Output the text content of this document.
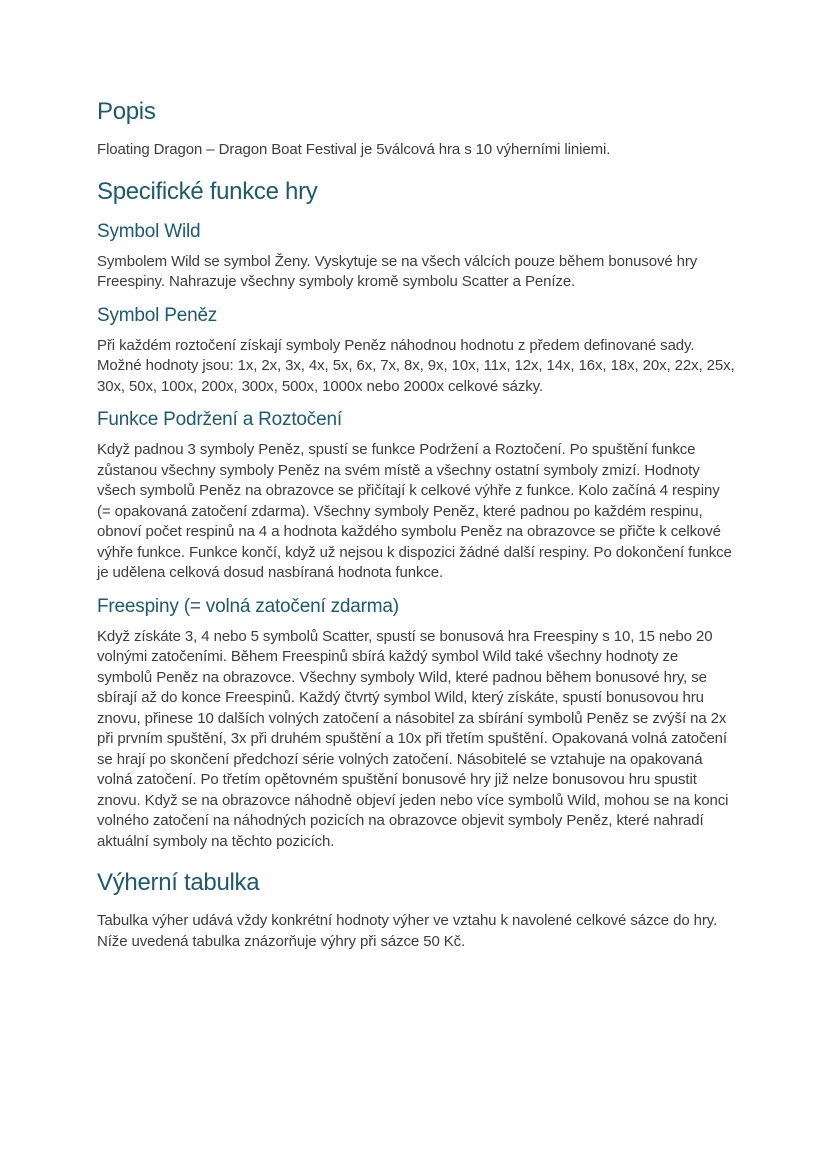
Popis

Floating Dragon – Dragon Boat Festival je 5válcová hra s 10 výherními liniemi.

Specifické funkce hry
Symbol Wild

Symbolem Wild se symbol Ženy. Vyskytuje se na všech válcích pouze během bonusové hry Freespiny. Nahrazuje všechny symboly kromě symbolu Scatter a Peníze.

Symbol Peněz

Při každém roztočení získají symboly Peněz náhodnou hodnotu z předem definované sady. Možné hodnoty jsou: 1x, 2x, 3x, 4x, 5x, 6x, 7x, 8x, 9x, 10x, 11x, 12x, 14x, 16x, 18x, 20x, 22x, 25x, 30x, 50x, 100x, 200x, 300x, 500x, 1000x nebo 2000x celkové sázky.

Funkce Podržení a Roztočení

Když padnou 3 symboly Peněz, spustí se funkce Podržení a Roztočení. Po spuštění funkce zůstanou všechny symboly Peněz na svém místě a všechny ostatní symboly zmizí. Hodnoty všech symbolů Peněz na obrazovce se přičítají k celkové výhře z funkce. Kolo začíná 4 respiny (= opakovaná zatočení zdarma). Všechny symboly Peněz, které padnou po každém respinu, obnoví počet respinů na 4 a hodnota každého symbolu Peněz na obrazovce se přičte k celkové výhře funkce. Funkce končí, když už nejsou k dispozici žádné další respiny. Po dokončení funkce je udělena celková dosud nasbíraná hodnota funkce.

Freespiny (= volná zatočení zdarma)

Když získáte 3, 4 nebo 5 symbolů Scatter, spustí se bonusová hra Freespiny s 10, 15 nebo 20 volnými zatočeními. Během Freespinů sbírá každý symbol Wild také všechny hodnoty ze symbolů Peněz na obrazovce. Všechny symboly Wild, které padnou během bonusové hry, se sbírají až do konce Freespinů. Každý čtvrtý symbol Wild, který získáte, spustí bonusovou hru znovu, přinese 10 dalších volných zatočení a násobitel za sbírání symbolů Peněz se zvýší na 2x při prvním spuštění, 3x při druhém spuštění a 10x při třetím spuštění. Opakovaná volná zatočení se hrají po skončení předchozí série volných zatočení. Násobitelé se vztahuje na opakovaná volná zatočení. Po třetím opětovném spuštění bonusové hry již nelze bonusovou hru spustit znovu. Když se na obrazovce náhodně objeví jeden nebo více symbolů Wild, mohou se na konci volného zatočení na náhodných pozicích na obrazovce objevit symboly Peněz, které nahradí aktuální symboly na těchto pozicích.

Výherní tabulka

Tabulka výher udává vždy konkrétní hodnoty výher ve vztahu k navolené celkové sázce do hry. Níže uvedená tabulka znázorňuje výhry při sázce 50 Kč.
